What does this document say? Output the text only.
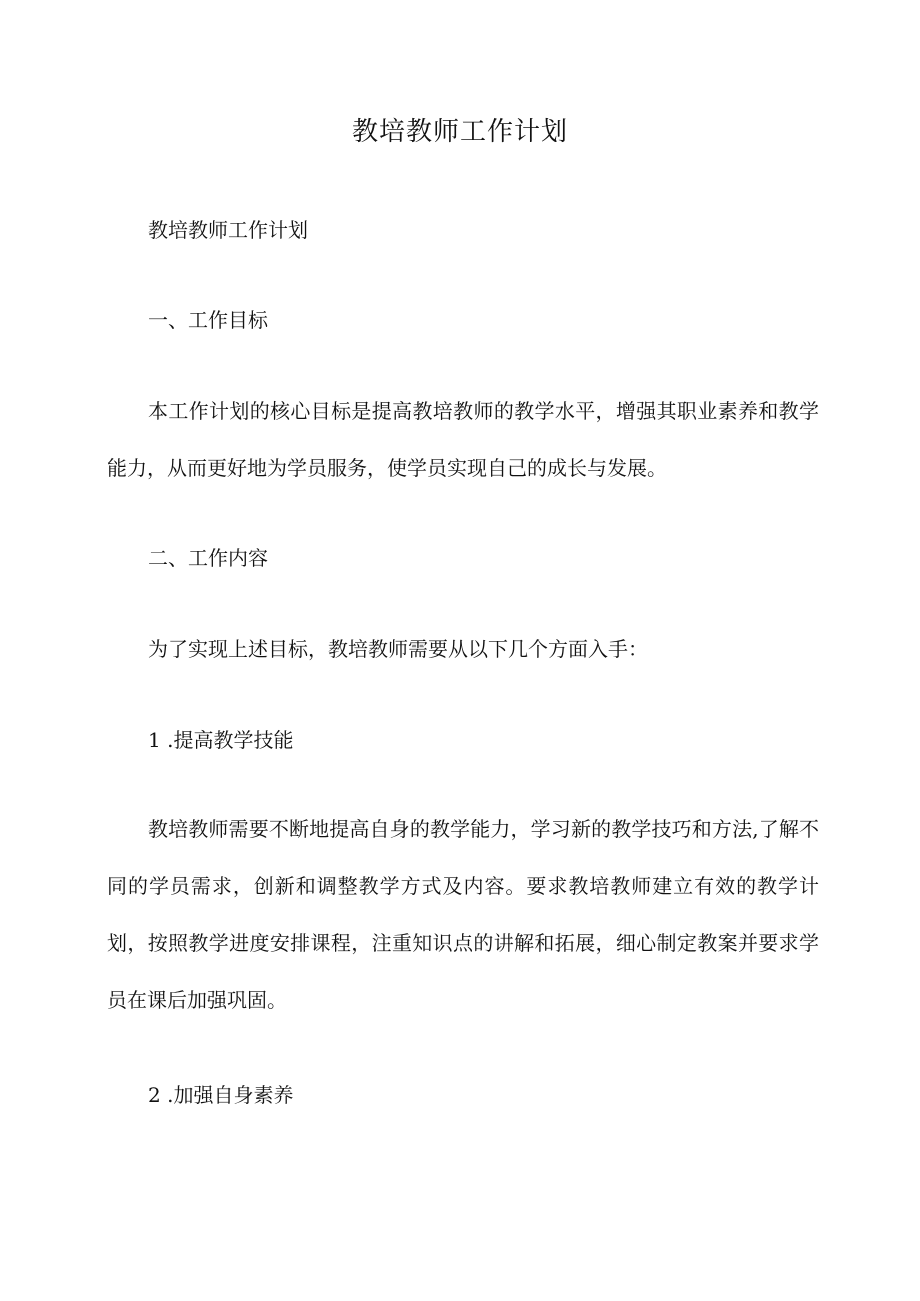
教培教师工作计划
教培教师工作计划
一、工作目标

本工作计划的核心目标是提高教培教师的教学水平，增强其职业素养和教学能力，从而更好地为学员服务，使学员实现自己的成长与发展。

二、工作内容
为了实现上述目标，教培教师需要从以下几个方面入手：
1 .提高教学技能

教培教师需要不断地提高自身的教学能力，学习新的教学技巧和方法,了解不同的学员需求，创新和调整教学方式及内容。要求教培教师建立有效的教学计划，按照教学进度安排课程，注重知识点的讲解和拓展，细心制定教案并要求学员在课后加强巩固。

2 .加强自身素养
